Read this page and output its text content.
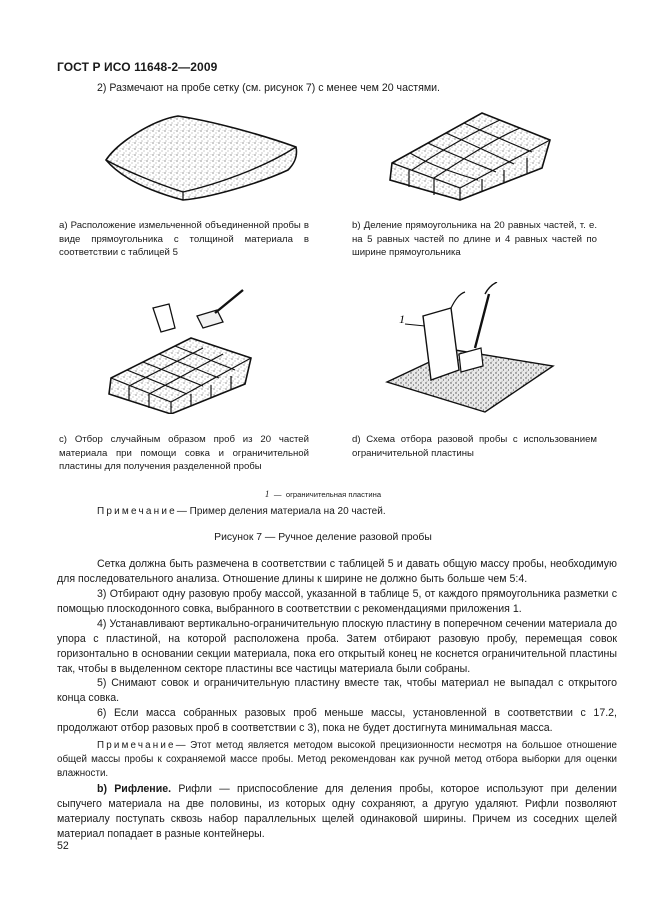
ГОСТ Р ИСО 11648-2—2009
2) Размечают на пробе сетку (см. рисунок 7) с менее чем 20 частями.
а) Расположение измельченной объединенной пробы в виде прямоугольника с толщиной материала в соответствии с таблицей 5
b) Деление прямоугольника на 20 равных частей, т. е. на 5 равных частей по длине и 4 равных частей по ширине прямоугольника
1
с) Отбор случайным образом проб из 20 частей материала при помощи совка и ограничительной пластины для получения разделенной пробы
d) Схема отбора разовой пробы с использованием ограничительной пластины
1 — ограничительная пластина
Примечание— Пример деления материала на 20 частей.
Рисунок 7 — Ручное деление разовой пробы
Сетка должна быть размечена в соответствии с таблицей 5 и давать общую массу пробы, необходимую для последовательного анализа. Отношение длины к ширине не должно быть больше чем 5:4.
3) Отбирают одну разовую пробу массой, указанной в таблице 5, от каждого прямоугольника разметки с помощью плоскодонного совка, выбранного в соответствии с рекомендациями приложения 1.
4) Устанавливают вертикально-ограничительную плоскую пластину в поперечном сечении материала до упора с пластиной, на которой расположена проба. Затем отбирают разовую пробу, перемещая совок горизонтально в основании секции материала, пока его открытый конец не коснется ограничительной пластины так, чтобы в выделенном секторе пластины все частицы материала были собраны.
5) Снимают совок и ограничительную пластину вместе так, чтобы материал не выпадал с открытого конца совка.
6) Если масса собранных разовых проб меньше массы, установленной в соответствии с 17.2, продолжают отбор разовых проб в соответствии с 3), пока не будет достигнута минимальная масса.
Примечание— Этот метод является методом высокой прецизионности несмотря на большое отношение общей массы пробы к сохраняемой массе пробы. Метод рекомендован как ручной метод отбора выборки для оценки влажности.
b) Рифление. Рифли — приспособление для деления пробы, которое используют при делении сыпучего материала на две половины, из которых одну сохраняют, а другую удаляют. Рифли позволяют материалу поступать сквозь набор параллельных щелей одинаковой ширины. Причем из соседних щелей материал попадает в разные контейнеры.
52
